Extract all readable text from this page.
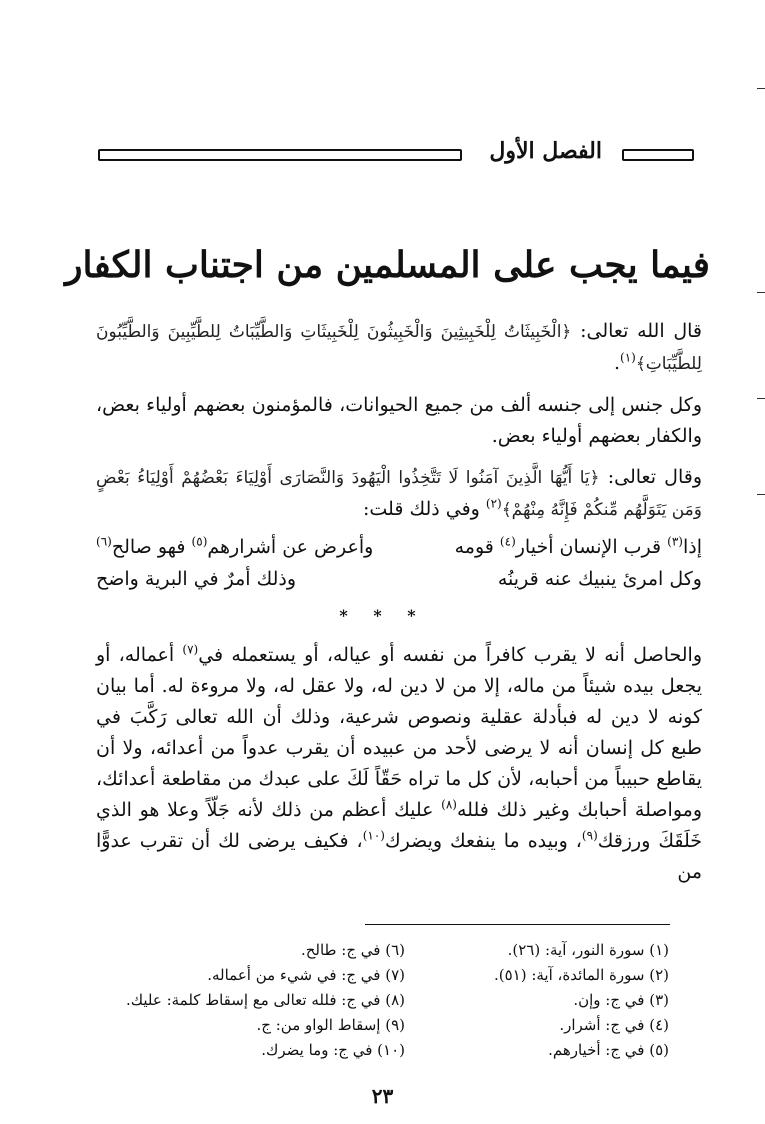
الفصل الأول
فيما يجب على المسلمين من اجتناب الكفار

قال الله تعالى: ﴿الْخَبِيثَاتُ لِلْخَبِيثِينَ وَالْخَبِيثُونَ لِلْخَبِيثَاتِ وَالطَّيِّبَاتُ لِلطَّيِّبِينَ وَالطَّيِّبُونَ لِلطَّيِّبَاتِ﴾$^{(١)}$.

وكل جنس إلى جنسه ألف من جميع الحيوانات، فالمؤمنون بعضهم أولياء بعض، والكفار بعضهم أولياء بعض.

وقال تعالى: ﴿يَا أَيُّهَا الَّذِينَ آمَنُوا لَا تَتَّخِذُوا الْيَهُودَ وَالنَّصَارَى أَوْلِيَاءَ بَعْضُهُمْ أَوْلِيَاءُ بَعْضٍ وَمَن يَتَوَلَّهُم مِّنكُمْ فَإِنَّهُ مِنْهُمْ﴾$^{(٢)}$ وفي ذلك قلت:

إذا$^{(٣)}$ قرب الإنسان أخيار$^{(٤)}$ قومه
وأعرض عن أشرارهم$^{(٥)}$ فهو صالح$^{(٦)}$
وكل امرئ ينبيك عنه قرينُه
وذلك أمرٌ في البرية واضح
* * *

والحاصل أنه لا يقرب كافراً من نفسه أو عياله، أو يستعمله في$^{(٧)}$ أعماله، أو يجعل بيده شيئاً من ماله، إلا من لا دين له، ولا عقل له، ولا مروءة له. أما بيان كونه لا دين له فبأدلة عقلية ونصوص شرعية، وذلك أن الله تعالى رَكَّبَ في طبع كل إنسان أنه لا يرضى لأحد من عبيده أن يقرب عدواً من أعدائه، ولا أن يقاطع حبيباً من أحبابه، لأن كل ما تراه حَقّاً لَكَ على عبدك من مقاطعة أعدائك، ومواصلة أحبابك وغير ذلك فلله$^{(٨)}$ عليك أعظم من ذلك لأنه جَلّاً وعلا هو الذي خَلَقَكَ ورزقك$^{(٩)}$، وبيده ما ينفعك ويضرك$^{(١٠)}$، فكيف يرضى لك أن تقرب عدوًّا من

(١) سورة النور، آية: (٢٦).
(٢) سورة المائدة، آية: (٥١).
(٣) في ج: وإن.
(٤) في ج: أشرار.
(٥) في ج: أخيارهم.
(٦) في ج: طالح.
(٧) في ج: في شيء من أعماله.
(٨) في ج: فلله تعالى مع إسقاط كلمة: عليك.
(٩) إسقاط الواو من: ج.
(١٠) في ج: وما يضرك.
٢٣
